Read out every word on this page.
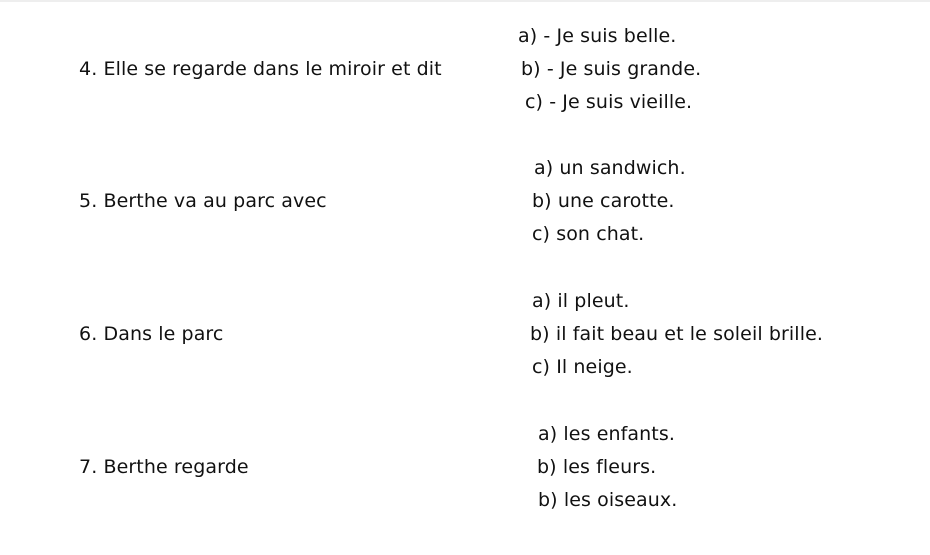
4. Elle se regarde dans le miroir et dit
a) - Je suis belle.
b) - Je suis grande.
c) - Je suis vieille.
5. Berthe va au parc avec
a) un sandwich.
b) une carotte.
c) son chat.
6. Dans le parc
a) il pleut.
b) il fait beau et le soleil brille.
c) Il neige.
7. Berthe regarde
a) les enfants.
b) les fleurs.
b) les oiseaux.
